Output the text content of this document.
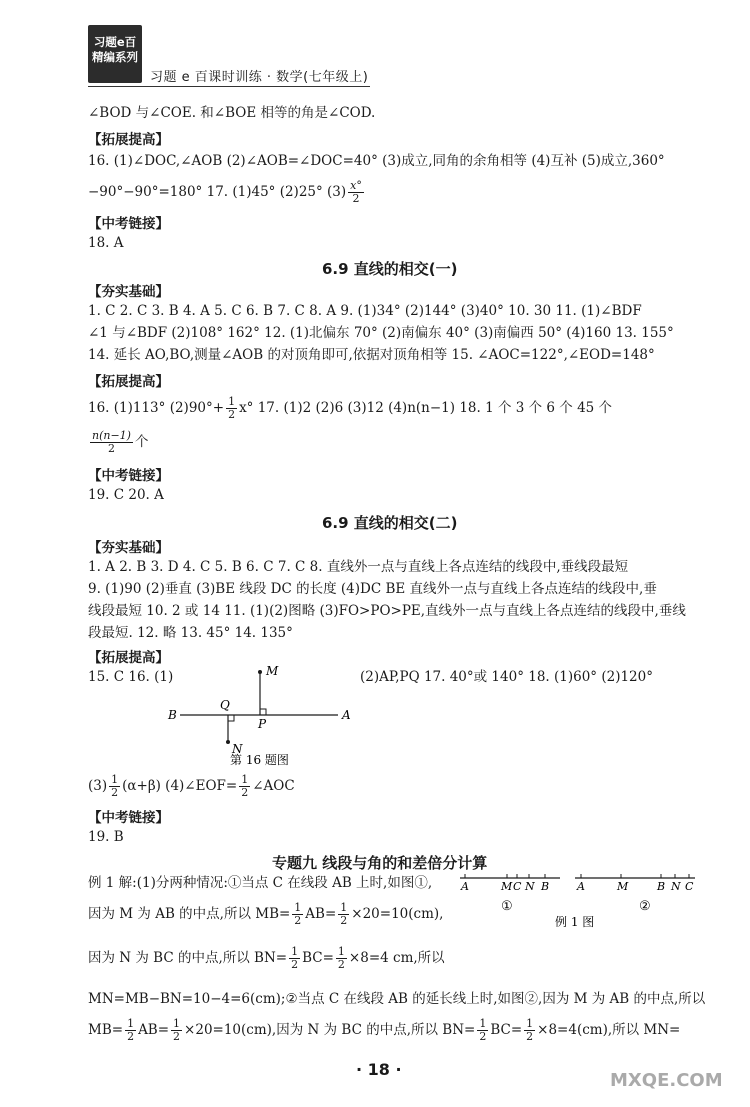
习题e百
精编系列
习题 e 百课时训练 · 数学(七年级上)
∠BOD 与∠COE. 和∠BOE 相等的角是∠COD.
【拓展提高】
16. (1)∠DOC,∠AOB (2)∠AOB=∠DOC=40° (3)成立,同角的余角相等 (4)互补 (5)成立,360°
−90°−90°=180° 17. (1)45° (2)25° $(3) \frac{x^\circ}{2}$
【中考链接】
18. A
6.9 直线的相交(一)
【夯实基础】
1. C 2. C 3. B 4. A 5. C 6. B 7. C 8. A 9. (1)34° (2)144° (3)40° 10. 30 11. (1)∠BDF
∠1 与∠BDF (2)108° 162° 12. (1)北偏东 70° (2)南偏东 40° (3)南偏西 50° (4)160 13. 155°
14. 延长 AO,BO,测量∠AOB 的对顶角即可,依据对顶角相等 15. ∠AOC=122°,∠EOD=148°
【拓展提高】
16. (1)113° $(2)90^\circ+ \frac{1}{2} x^\circ$ 17. (1)2 (2)6 (3)12 (4)n(n−1) 18. 1 个 3 个 6 个 45 个
$\frac{n(n-1)}{2}$ 个
【中考链接】
19. C 20. A
6.9 直线的相交(二)
【夯实基础】
1. A 2. B 3. D 4. C 5. B 6. C 7. C 8. 直线外一点与直线上各点连结的线段中,垂线段最短
9. (1)90 (2)垂直 (3)BE 线段 DC 的长度 (4)DC BE 直线外一点与直线上各点连结的线段中,垂
线段最短 10. 2 或 14 11. (1)(2)图略 (3)FO>PO>PE,直线外一点与直线上各点连结的线段中,垂线
段最短. 12. 略 13. 45° 14. 135°
【拓展提高】
15. C 16. (1)	(2)AP,PQ 17. 40°或 140° 18. (1)60° (2)120°
M
N
Q
P
B	A
第 16 题图
$(3) \frac{1}{2} (\alpha+\beta)$ (4)∠EOF= $\frac{1}{2}$ ∠AOC
【中考链接】
19. B
专题九 线段与角的和差倍分计算
例 1 解:(1)分两种情况:①当点 C 在线段 AB 上时,如图①,	A	M C N B
①
A	M	B N C
②
例 1 图
因为 M 为 AB 的中点,所以 $MB= \frac{1}{2} AB= \frac{1}{2} \times 20=10(cm)$,
因为 N 为 BC 的中点,所以 $BN= \frac{1}{2} BC= \frac{1}{2} \times 8=4$ cm,所以
MN=MB−BN=10−4=6(cm);②当点 C 在线段 AB 的延长线上时,如图②,因为 M 为 AB 的中点,所以
$MB= \frac{1}{2} AB= \frac{1}{2} \times 20=10(cm)$,因为 N 为 BC 的中点,所以 $BN= \frac{1}{2} BC= \frac{1}{2} \times 8=4(cm)$,所以 MN=
· 18 ·
MXQE.COM
